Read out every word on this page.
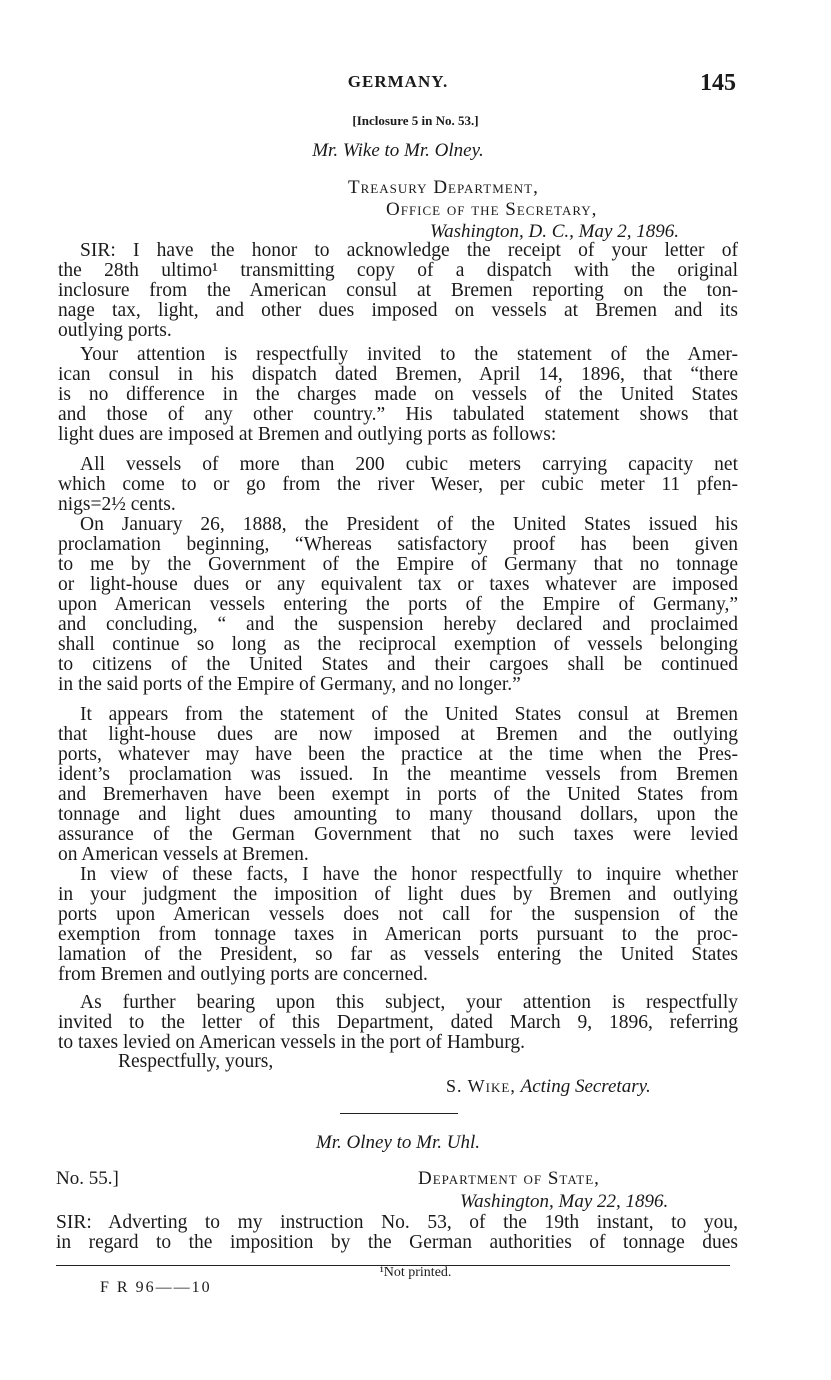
GERMANY.	145
[Inclosure 5 in No. 53.]
Mr. Wike to Mr. Olney.
Treasury Department,
Office of the Secretary,
Washington, D. C., May 2, 1896.
SIR: I have the honor to acknowledge the receipt of your letter of
the 28th ultimo¹ transmitting copy of a dispatch with the original
inclosure from the American consul at Bremen reporting on the ton-
nage tax, light, and other dues imposed on vessels at Bremen and its
outlying ports.
Your attention is respectfully invited to the statement of the Amer-
ican consul in his dispatch dated Bremen, April 14, 1896, that “there
is no difference in the charges made on vessels of the United States
and those of any other country.” His tabulated statement shows that
light dues are imposed at Bremen and outlying ports as follows:
All vessels of more than 200 cubic meters carrying capacity net
which come to or go from the river Weser, per cubic meter 11 pfen-
nigs=2½ cents.
On January 26, 1888, the President of the United States issued his
proclamation beginning, “Whereas satisfactory proof has been given
to me by the Government of the Empire of Germany that no tonnage
or light-house dues or any equivalent tax or taxes whatever are imposed
upon American vessels entering the ports of the Empire of Germany,”
and concluding, “ and the suspension hereby declared and proclaimed
shall continue so long as the reciprocal exemption of vessels belonging
to citizens of the United States and their cargoes shall be continued
in the said ports of the Empire of Germany, and no longer.”
It appears from the statement of the United States consul at Bremen
that light-house dues are now imposed at Bremen and the outlying
ports, whatever may have been the practice at the time when the Pres-
ident’s proclamation was issued. In the meantime vessels from Bremen
and Bremerhaven have been exempt in ports of the United States from
tonnage and light dues amounting to many thousand dollars, upon the
assurance of the German Government that no such taxes were levied
on American vessels at Bremen.
In view of these facts, I have the honor respectfully to inquire whether
in your judgment the imposition of light dues by Bremen and outlying
ports upon American vessels does not call for the suspension of the
exemption from tonnage taxes in American ports pursuant to the proc-
lamation of the President, so far as vessels entering the United States
from Bremen and outlying ports are concerned.
As further bearing upon this subject, your attention is respectfully
invited to the letter of this Department, dated March 9, 1896, referring
to taxes levied on American vessels in the port of Hamburg.
Respectfully, yours,
S. Wike, Acting Secretary.
Mr. Olney to Mr. Uhl.
No. 55.]	Department of State,
Washington, May 22, 1896.
SIR: Adverting to my instruction No. 53, of the 19th instant, to you,
in regard to the imposition by the German authorities of tonnage dues
¹Not printed.
F R 96——10
